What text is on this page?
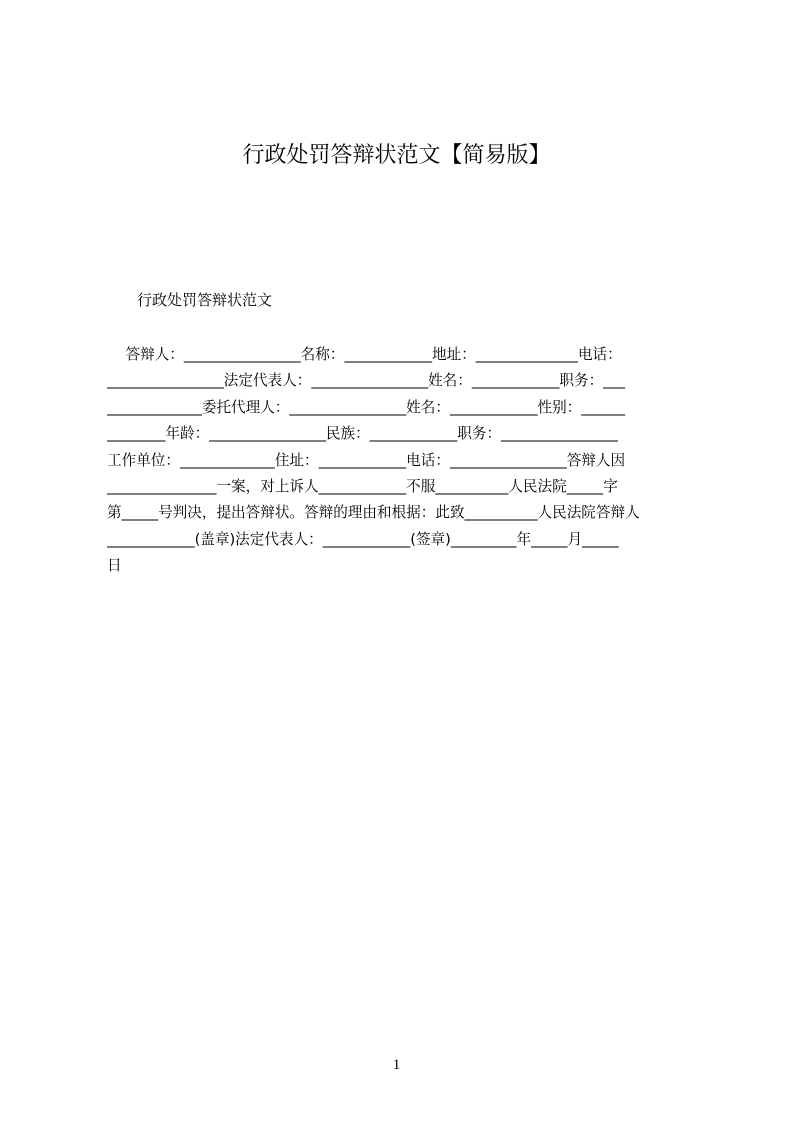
行政处罚答辩状范文【简易版】

行政处罚答辩状范文

答辩人：________________名称：____________地址：______________电话：
________________法定代表人：________________姓名：____________职务：___
_____________委托代理人：________________姓名：____________性别：______
________年龄：________________民族：____________职务：________________
工作单位：_____________住址：____________电话：________________答辩人因
_______________一案，对上诉人____________不服__________人民法院_____字
第_____号判决，提出答辩状。答辩的理由和根据：此致__________人民法院答辩人
____________(盖章)法定代表人：____________(签章)_________年_____月_____
日
1
